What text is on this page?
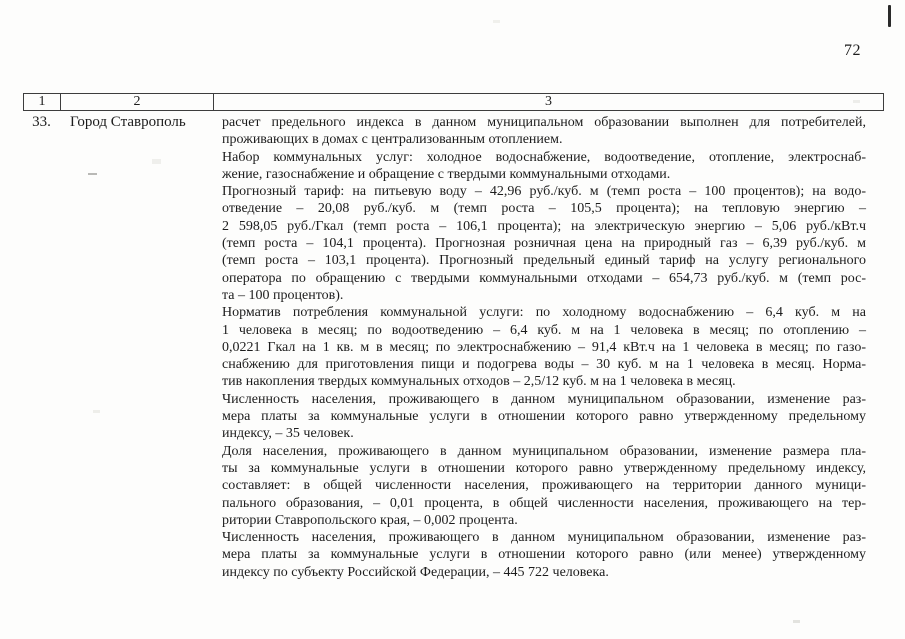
72
1	2	3
33.	Город Ставрополь	расчет предельного индекса в данном муниципальном образовании выполнен для потребителей,
проживающих в домах с централизованным отоплением.
Набор коммунальных услуг: холодное водоснабжение, водоотведение, отопление, электроснаб-
жение, газоснабжение и обращение с твердыми коммунальными отходами.
Прогнозный тариф: на питьевую воду – 42,96 руб./куб. м (темп роста – 100 процентов); на водо-
отведение – 20,08 руб./куб. м (темп роста – 105,5 процента); на тепловую энергию –
2 598,05 руб./Гкал (темп роста – 106,1 процента); на электрическую энергию – 5,06 руб./кВт.ч
(темп роста – 104,1 процента). Прогнозная розничная цена на природный газ – 6,39 руб./куб. м
(темп роста – 103,1 процента). Прогнозный предельный единый тариф на услугу регионального
оператора по обращению с твердыми коммунальными отходами – 654,73 руб./куб. м (темп рос-
та – 100 процентов).
Норматив потребления коммунальной услуги: по холодному водоснабжению – 6,4 куб. м на
1 человека в месяц; по водоотведению – 6,4 куб. м на 1 человека в месяц; по отоплению –
0,0221 Гкал на 1 кв. м в месяц; по электроснабжению – 91,4 кВт.ч на 1 человека в месяц; по газо-
снабжению для приготовления пищи и подогрева воды – 30 куб. м на 1 человека в месяц. Норма-
тив накопления твердых коммунальных отходов – 2,5/12 куб. м на 1 человека в месяц.
Численность населения, проживающего в данном муниципальном образовании, изменение раз-
мера платы за коммунальные услуги в отношении которого равно утвержденному предельному
индексу, – 35 человек.
Доля населения, проживающего в данном муниципальном образовании, изменение размера пла-
ты за коммунальные услуги в отношении которого равно утвержденному предельному индексу,
составляет: в общей численности населения, проживающего на территории данного муници-
пального образования, – 0,01 процента, в общей численности населения, проживающего на тер-
ритории Ставропольского края, – 0,002 процента.
Численность населения, проживающего в данном муниципальном образовании, изменение раз-
мера платы за коммунальные услуги в отношении которого равно (или менее) утвержденному
индексу по субъекту Российской Федерации, – 445 722 человека.
